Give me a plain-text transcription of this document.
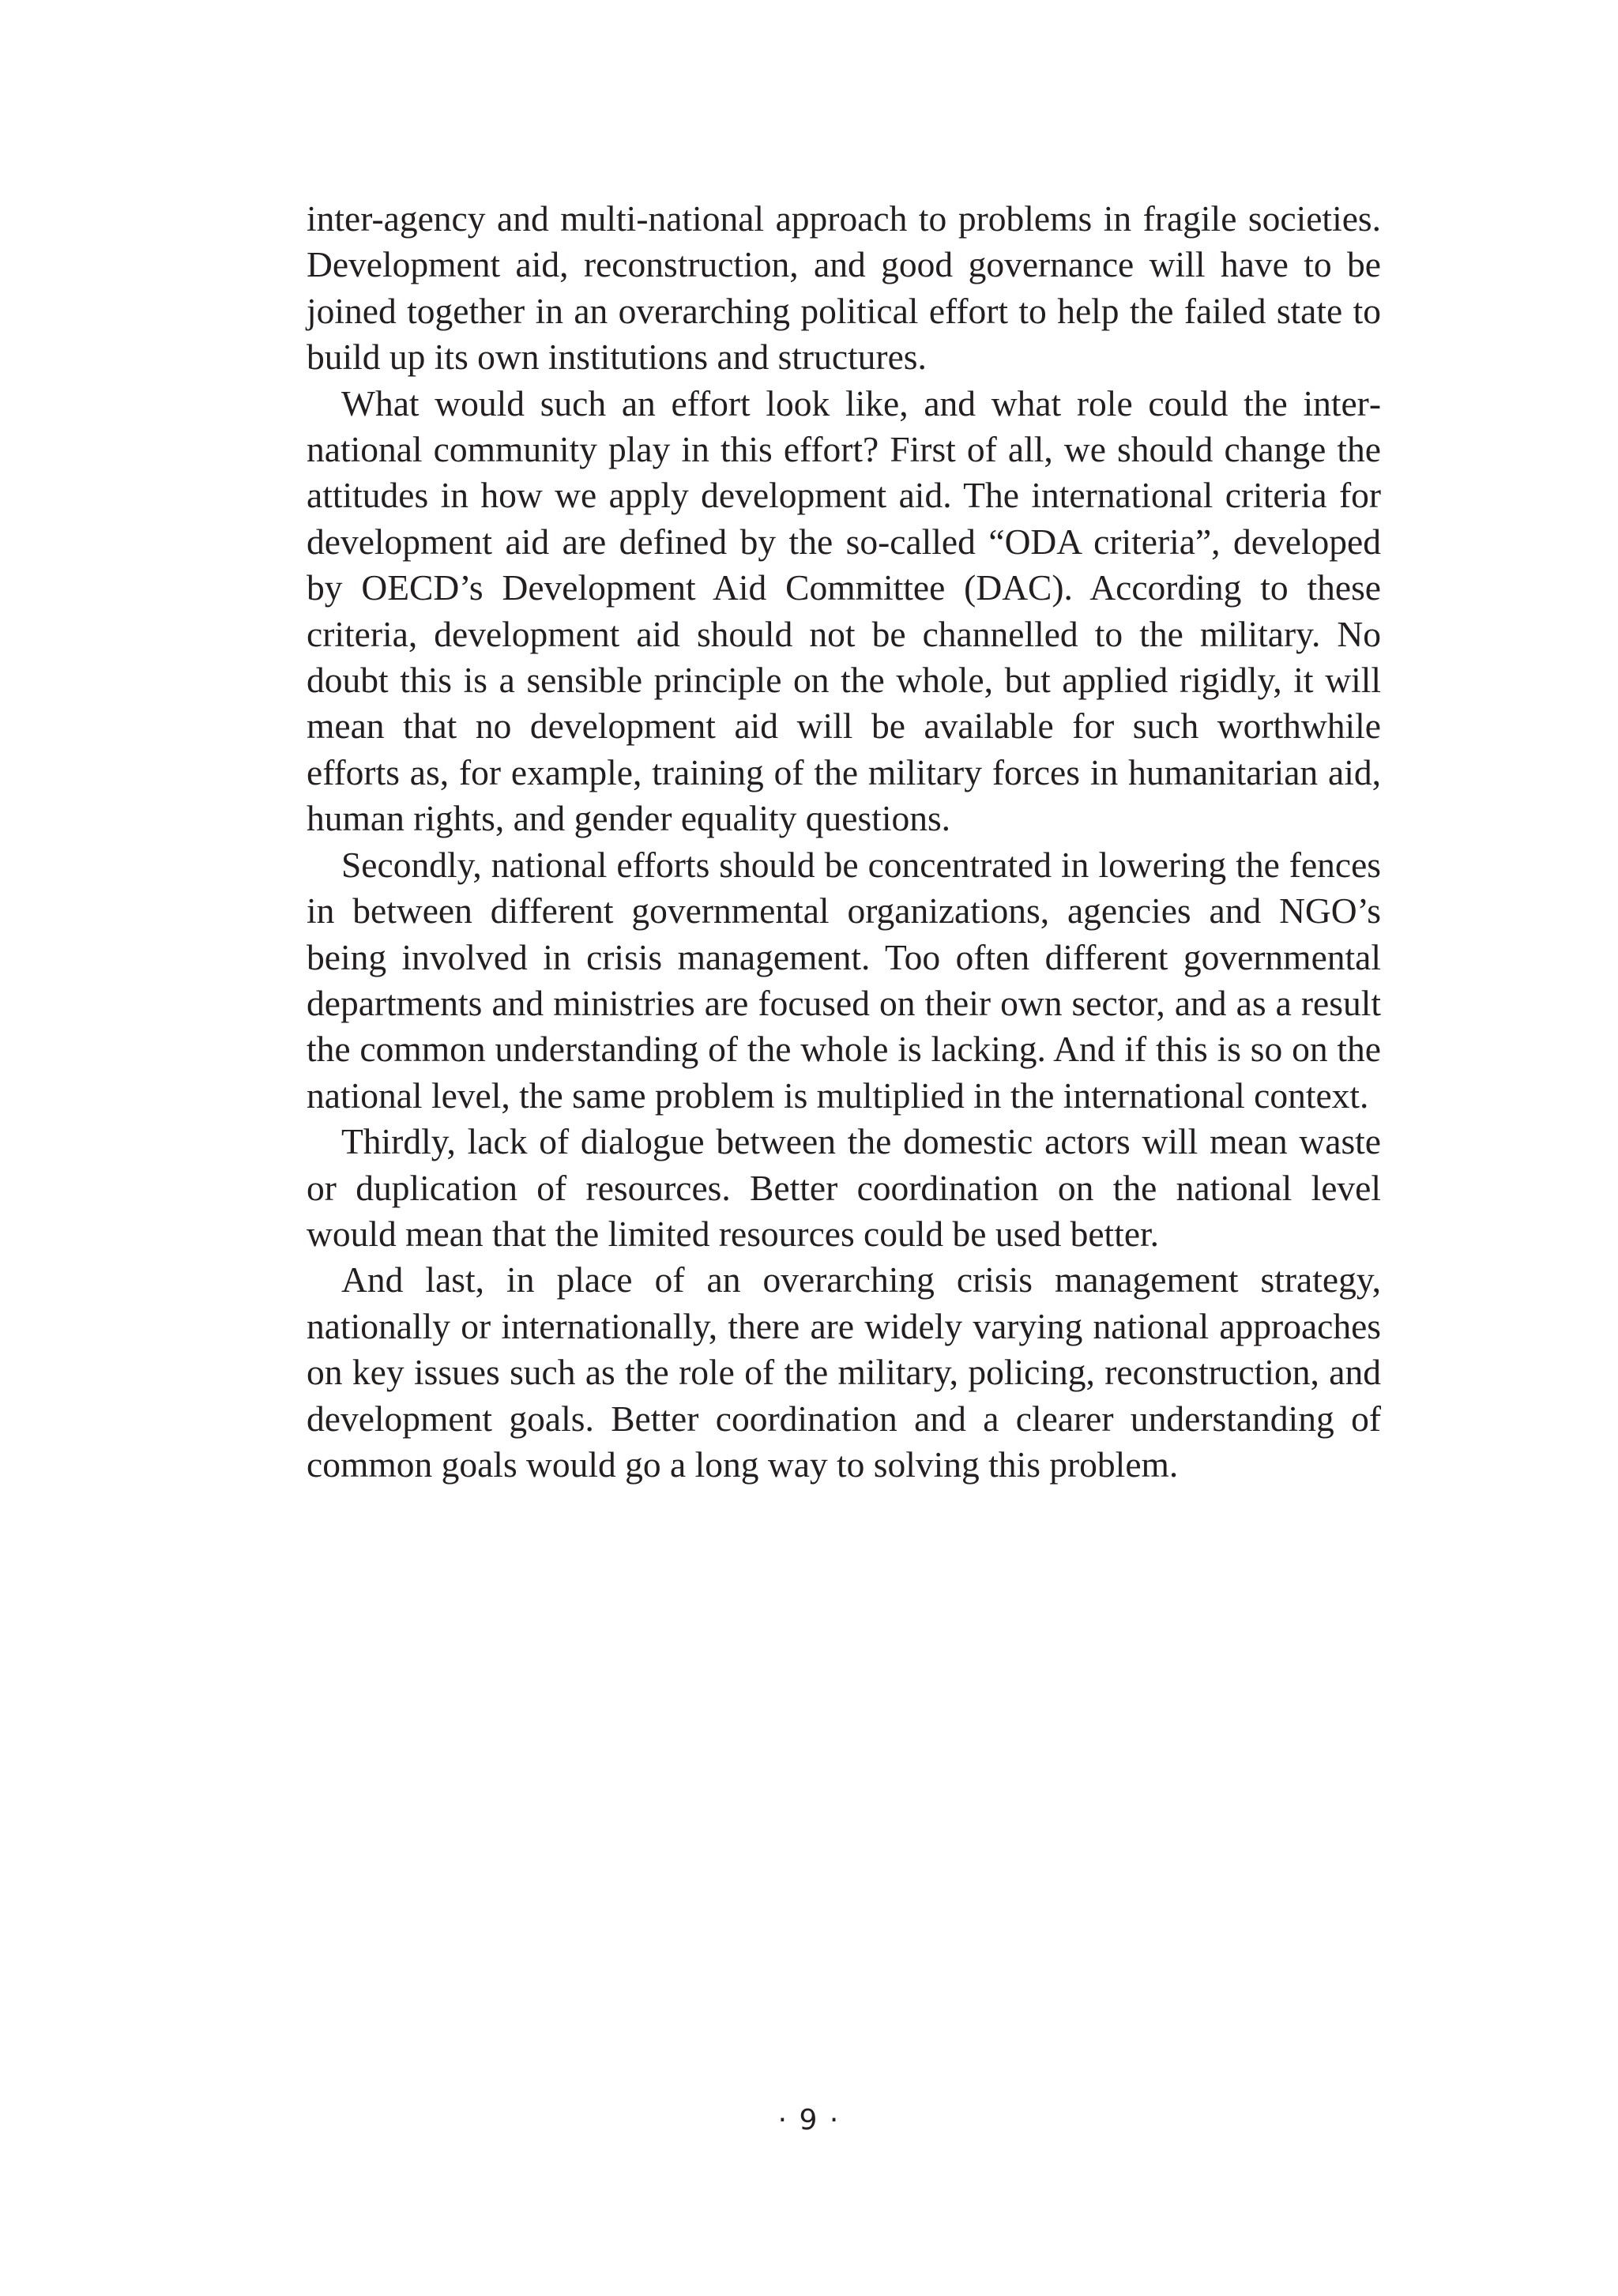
inter-agency and multi-national approach to problems in fragile societies. Development aid, reconstruction, and good governance will have to be joined together in an overarching political effort to help the failed state to build up its own institutions and structures.

What would such an effort look like, and what role could the international community play in this effort? First of all, we should change the attitudes in how we apply development aid. The international criteria for development aid are defined by the so-called “ODA criteria”, developed by OECD’s Development Aid Committee (DAC). According to these criteria, development aid should not be channelled to the military. No doubt this is a sensible principle on the whole, but applied rigidly, it will mean that no development aid will be available for such worthwhile efforts as, for example, training of the military forces in humanitarian aid, human rights, and gender equality questions.

Secondly, national efforts should be concentrated in lowering the fences in between different governmental organizations, agencies and NGO’s being involved in crisis management. Too often different governmental departments and ministries are focused on their own sector, and as a result the common understanding of the whole is lacking. And if this is so on the national level, the same problem is multiplied in the international context.

Thirdly, lack of dialogue between the domestic actors will mean waste or duplication of resources. Better coordination on the national level would mean that the limited resources could be used better.

And last, in place of an overarching crisis management strategy, nationally or internationally, there are widely varying national approaches on key issues such as the role of the military, policing, reconstruction, and development goals. Better coordination and a clearer understanding of common goals would go a long way to solving this problem.

· 9 ·
